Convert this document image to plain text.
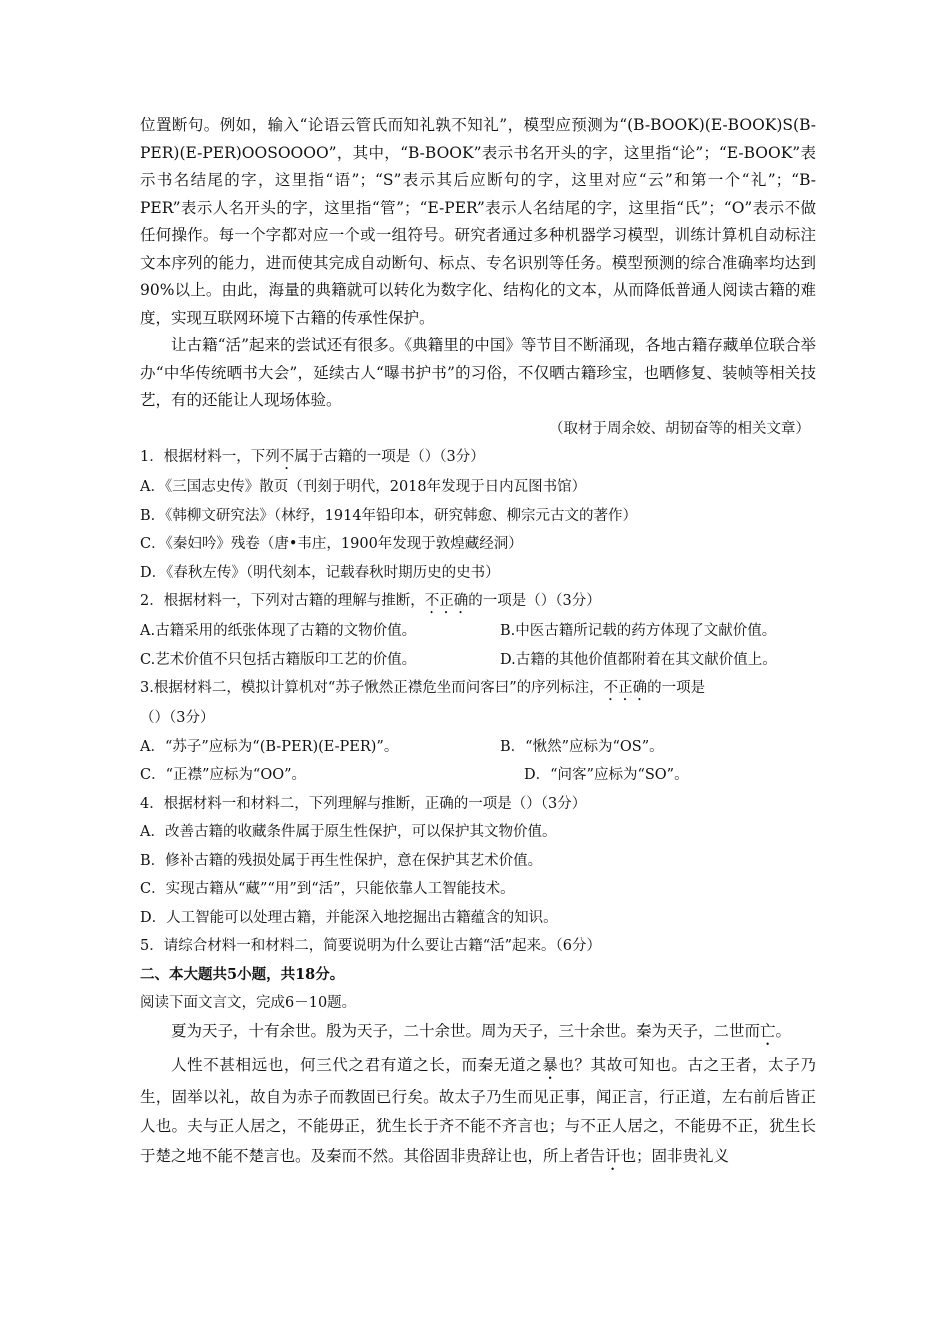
位置断句。例如，输入“论语云管氏而知礼孰不知礼”，模型应预测为“(B-BOOK)(E-BOOK)S(B-PER)(E-PER)OOSOOOO”，其中，“B-BOOK”表示书名开头的字，这里指“论”；“E-BOOK”表示书名结尾的字，这里指“语”；“S”表示其后应断句的字，这里对应“云”和第一个“礼”；“B-PER”表示人名开头的字，这里指“管”；“E-PER”表示人名结尾的字，这里指“氏”；“O”表示不做任何操作。每一个字都对应一个或一组符号。研究者通过多种机器学习模型，训练计算机自动标注文本序列的能力，进而使其完成自动断句、标点、专名识别等任务。模型预测的综合准确率均达到90%以上。由此，海量的典籍就可以转化为数字化、结构化的文本，从而降低普通人阅读古籍的难度，实现互联网环境下古籍的传承性保护。

让古籍“活”起来的尝试还有很多。《典籍里的中国》等节目不断涌现，各地古籍存藏单位联合举办“中华传统晒书大会”，延续古人“曝书护书”的习俗，不仅晒古籍珍宝，也晒修复、装帧等相关技艺，有的还能让人现场体验。

（取材于周余姣、胡韧奋等的相关文章）

1．根据材料一，下列不属于古籍的一项是（）（3分）

A．《三国志史传》散页（刊刻于明代，2018年发现于日内瓦图书馆）

B．《韩柳文研究法》（林纾，1914年铅印本，研究韩愈、柳宗元古文的著作）

C．《秦妇吟》残卷（唐•韦庄，1900年发现于敦煌藏经洞）

D．《春秋左传》（明代刻本，记载春秋时期历史的史书）

2．根据材料一，下列对古籍的理解与推断，不正确的一项是（）（3分）

A.古籍采用的纸张体现了古籍的文物价值。	B.中医古籍所记载的药方体现了文献价值。
C.艺术价值不只包括古籍版印工艺的价值。	D.古籍的其他价值都附着在其文献价值上。

3.根据材料二，模拟计算机对“苏子愀然正襟危坐而问客曰”的序列标注，不正确的一项是

（）（3分）

A．“苏子”应标为“(B-PER)(E-PER)”。	B．“愀然”应标为“OS”。
C．“正襟”应标为“OO”。	D．“问客”应标为“SO”。

4．根据材料一和材料二，下列理解与推断，正确的一项是（）（3分）

A．改善古籍的收藏条件属于原生性保护，可以保护其文物价值。

B．修补古籍的残损处属于再生性保护，意在保护其艺术价值。

C．实现古籍从“藏”“用”到“活”，只能依靠人工智能技术。

D．人工智能可以处理古籍，并能深入地挖掘出古籍蕴含的知识。

5．请综合材料一和材料二，简要说明为什么要让古籍“活”起来。（6分）

二、本大题共5小题，共18分。

阅读下面文言文，完成6－10题。

夏为天子，十有余世。殷为天子，二十余世。周为天子，三十余世。秦为天子，二世而亡。

人性不甚相远也，何三代之君有道之长，而秦无道之暴也？其故可知也。古之王者，太子乃生，固举以礼，故自为赤子而教固已行矣。故太子乃生而见正事，闻正言，行正道，左右前后皆正人也。夫与正人居之，不能毋正，犹生长于齐不能不齐言也；与不正人居之，不能毋不正，犹生长于楚之地不能不楚言也。及秦而不然。其俗固非贵辞让也，所上者告讦也；固非贵礼义
